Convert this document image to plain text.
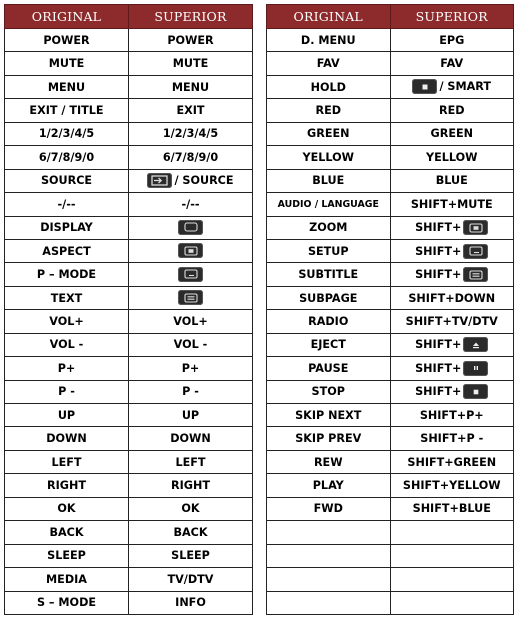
ORIGINAL	SUPERIOR
POWER	POWER
MUTE	MUTE
MENU	MENU
EXIT / TITLE	EXIT
1/2/3/4/5	1/2/3/4/5
6/7/8/9/0	6/7/8/9/0
SOURCE	/ SOURCE

-/--	-/--
DISPLAY	

ASPECT	

P – MODE	

TEXT	

VOL+	VOL+
VOL -	VOL -
P+	P+
P -	P -
UP	UP
DOWN	DOWN
LEFT	LEFT
RIGHT	RIGHT
OK	OK
BACK	BACK
SLEEP	SLEEP
MEDIA	TV/DTV
S – MODE	INFO
ORIGINAL	SUPERIOR
D. MENU	EPG
FAV	FAV
HOLD	/ SMART

RED	RED
GREEN	GREEN
YELLOW	YELLOW
BLUE	BLUE
AUDIO / LANGUAGE	SHIFT+MUTE
ZOOM	SHIFT+

SETUP	SHIFT+

SUBTITLE	SHIFT+

SUBPAGE	SHIFT+DOWN
RADIO	SHIFT+TV/DTV
EJECT	SHIFT+

PAUSE	SHIFT+

STOP	SHIFT+

SKIP NEXT	SHIFT+P+
SKIP PREV	SHIFT+P -
REW	SHIFT+GREEN
PLAY	SHIFT+YELLOW
FWD	SHIFT+BLUE
